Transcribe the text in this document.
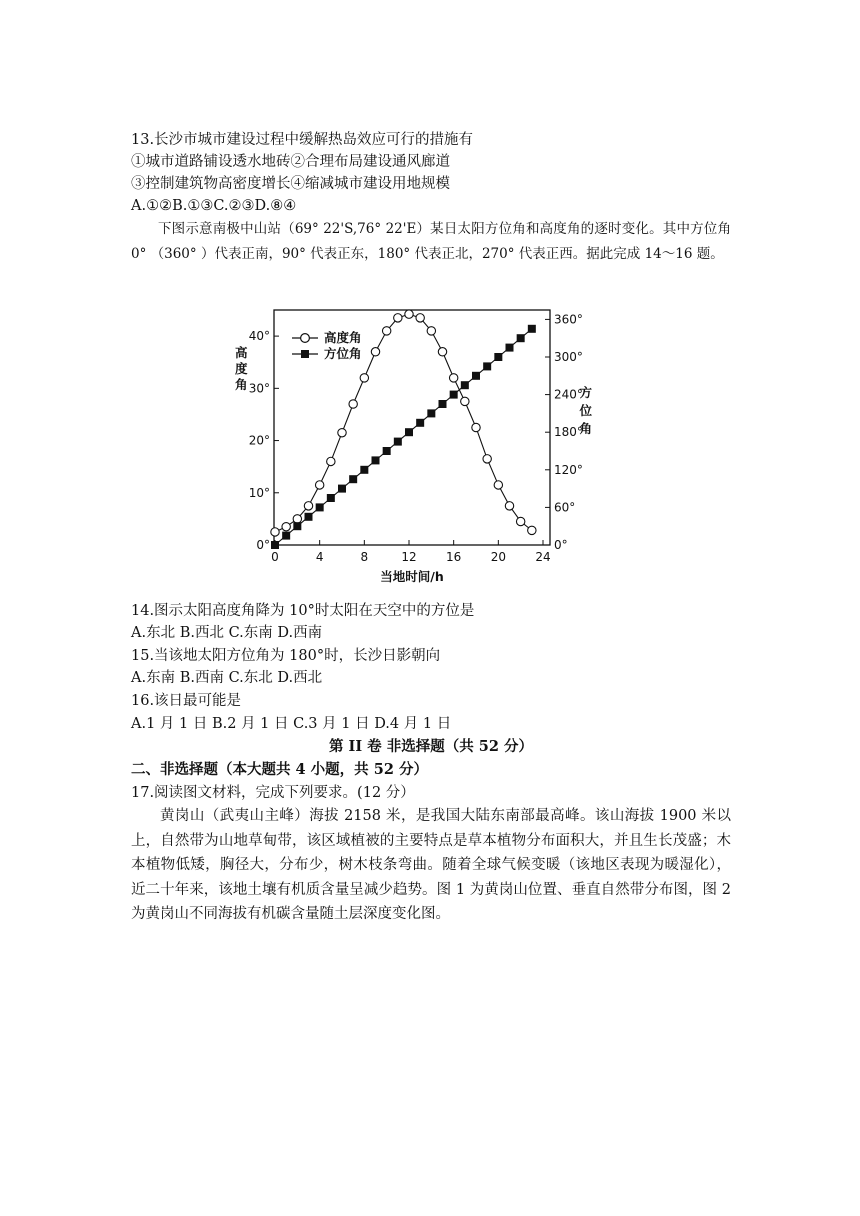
13.长沙市城市建设过程中缓解热岛效应可行的措施有
①城市道路铺设透水地砖②合理布局建设通风廊道
③控制建筑物高密度增长④缩减城市建设用地规模
A.①②B.①③C.②③D.⑧④
下图示意南极中山站（69° 22'S,76° 22'E）某日太阳方位角和高度角的逐时变化。其中方位角0° （360° ）代表正南，90° 代表正东，180° 代表正北，270° 代表正西。据此完成 14～16 题。
0	4	8	12 16 20 24
0°
10°
20°
30°
40°
0°
60°
120°
180°
240°
300°
360°
高度角
方位角
高
度
角
方
位
角
当地时间/h
14.图示太阳高度角降为 10°时太阳在天空中的方位是
A.东北 B.西北 C.东南 D.西南
15.当该地太阳方位角为 180°时，长沙日影朝向
A.东南 B.西南 C.东北 D.西北
16.该日最可能是
A.1 月 1 日 B.2 月 1 日 C.3 月 1 日 D.4 月 1 日
第 II 卷 非选择题（共 52 分）
二、非选择题（本大题共 4 小题，共 52 分）
17.阅读图文材料，完成下列要求。(12 分）
黄岗山（武夷山主峰）海拔 2158 米，是我国大陆东南部最高峰。该山海拔 1900 米以上，自然带为山地草甸带，该区域植被的主要特点是草本植物分布面积大，并且生长茂盛；木本植物低矮，胸径大，分布少，树木枝条弯曲。随着全球气候变暖（该地区表现为暖湿化），近二十年来，该地土壤有机质含量呈减少趋势。图 1 为黄岗山位置、垂直自然带分布图，图 2 为黄岗山不同海拔有机碳含量随土层深度变化图。
